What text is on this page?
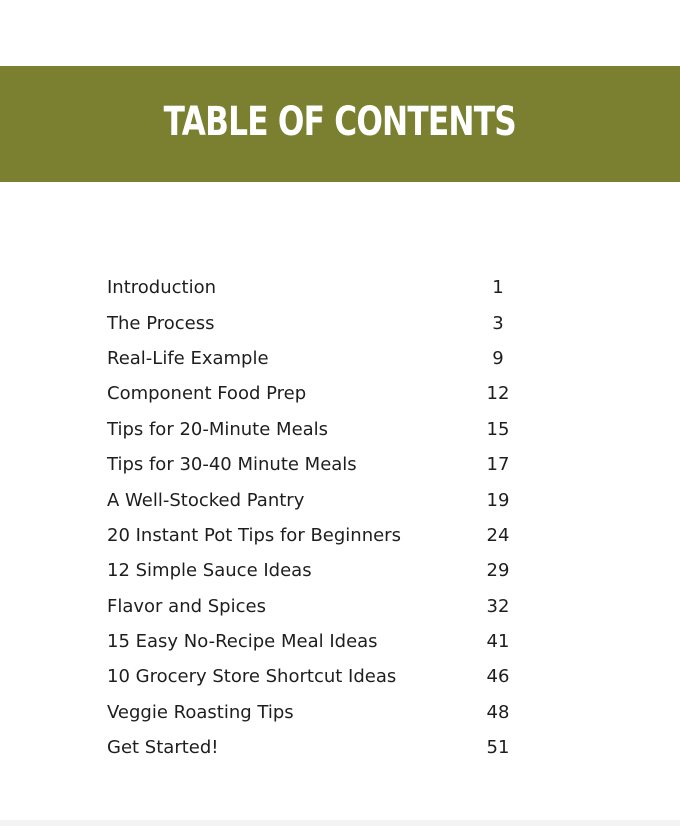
TABLE OF CONTENTS
Introduction	1
The Process	3
Real-Life Example	9
Component Food Prep	12
Tips for 20-Minute Meals	15
Tips for 30-40 Minute Meals	17
A Well-Stocked Pantry	19
20 Instant Pot Tips for Beginners	24
12 Simple Sauce Ideas	29
Flavor and Spices	32
15 Easy No-Recipe Meal Ideas	41
10 Grocery Store Shortcut Ideas	46
Veggie Roasting Tips	48
Get Started!	51
